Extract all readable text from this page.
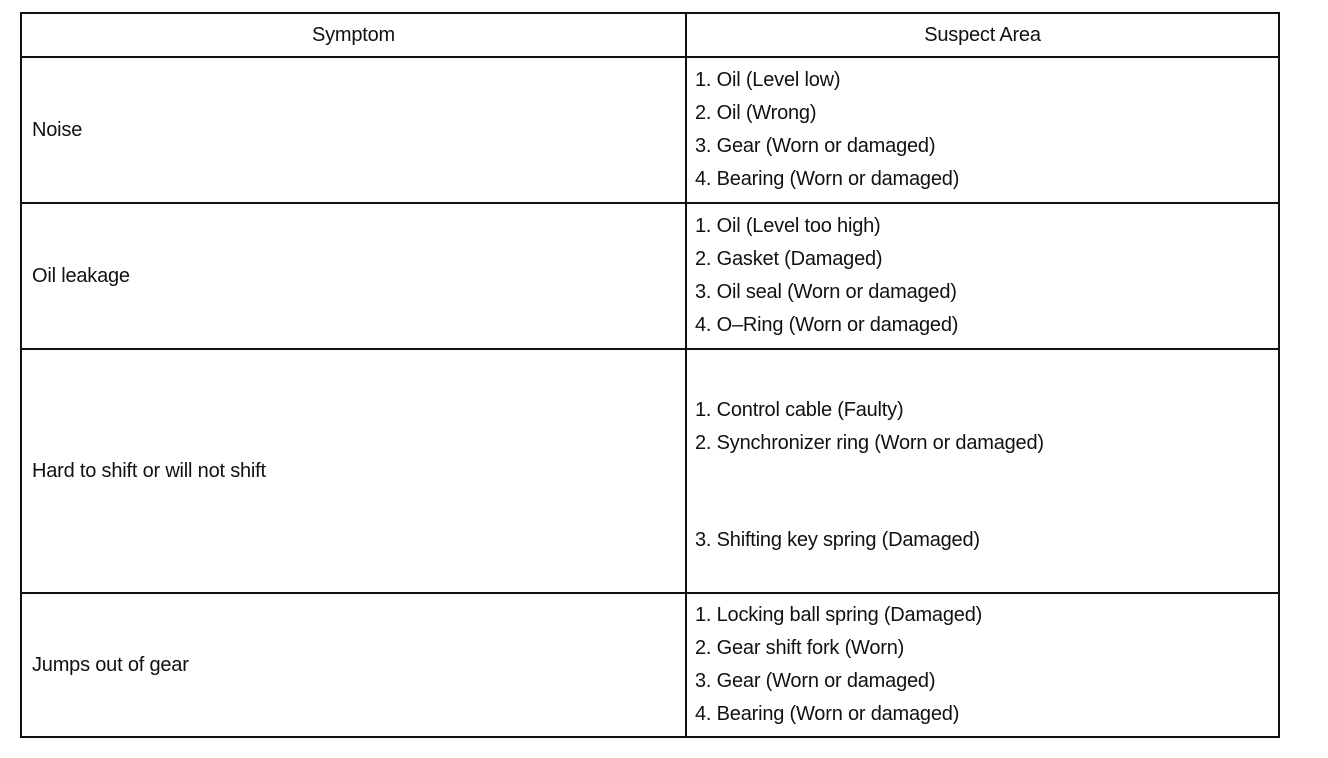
Symptom	Suspect Area
Noise	1. Oil (Level low)
2. Oil (Wrong)
3. Gear (Worn or damaged)
4. Bearing (Worn or damaged)

Oil leakage	1. Oil (Level too high)
2. Gasket (Damaged)
3. Oil seal (Worn or damaged)
4. O–Ring (Worn or damaged)

Hard to shift or will not shift	1. Control cable (Faulty)
2. Synchronizer ring (Worn or damaged)
3. Shifting key spring (Damaged)

Jumps out of gear	1. Locking ball spring (Damaged)
2. Gear shift fork (Worn)
3. Gear (Worn or damaged)
4. Bearing (Worn or damaged)
